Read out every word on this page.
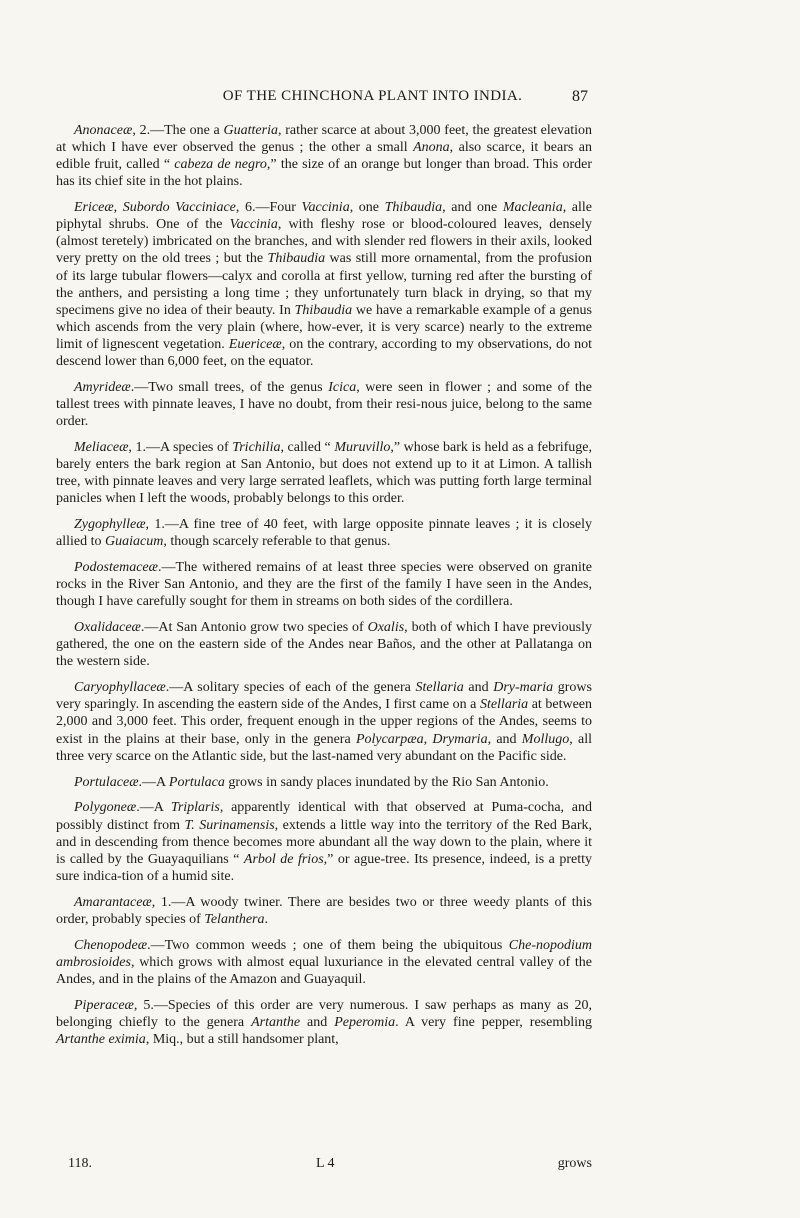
OF THE CHINCHONA PLANT INTO INDIA.	87

Anonaceæ, 2.—The one a Guatteria, rather scarce at about 3,000 feet, the greatest elevation at which I have ever observed the genus ; the other a small Anona, also scarce, it bears an edible fruit, called “ cabeza de negro,” the size of an orange but longer than broad. This order has its chief site in the hot plains.

Ericeæ, Subordo Vacciniace, 6.—Four Vaccinia, one Thibaudia, and one Macleania, alle piphytal shrubs. One of the Vaccinia, with fleshy rose or blood-coloured leaves, densely (almost teretely) imbricated on the branches, and with slender red flowers in their axils, looked very pretty on the old trees ; but the Thibaudia was still more ornamental, from the profusion of its large tubular flowers—calyx and corolla at first yellow, turning red after the bursting of the anthers, and persisting a long time ; they unfortunately turn black in drying, so that my specimens give no idea of their beauty. In Thibaudia we have a remarkable example of a genus which ascends from the very plain (where, how-ever, it is very scarce) nearly to the extreme limit of lignescent vegetation. Euericeæ, on the contrary, according to my observations, do not descend lower than 6,000 feet, on the equator.

Amyrideæ.—Two small trees, of the genus Icica, were seen in flower ; and some of the tallest trees with pinnate leaves, I have no doubt, from their resi-nous juice, belong to the same order.

Meliaceæ, 1.—A species of Trichilia, called “ Muruvillo,” whose bark is held as a febrifuge, barely enters the bark region at San Antonio, but does not extend up to it at Limon. A tallish tree, with pinnate leaves and very large serrated leaflets, which was putting forth large terminal panicles when I left the woods, probably belongs to this order.

Zygophylleæ, 1.—A fine tree of 40 feet, with large opposite pinnate leaves ; it is closely allied to Guaiacum, though scarcely referable to that genus.

Podostemaceæ.—The withered remains of at least three species were observed on granite rocks in the River San Antonio, and they are the first of the family I have seen in the Andes, though I have carefully sought for them in streams on both sides of the cordillera.

Oxalidaceæ.—At San Antonio grow two species of Oxalis, both of which I have previously gathered, the one on the eastern side of the Andes near Baños, and the other at Pallatanga on the western side.

Caryophyllaceæ.—A solitary species of each of the genera Stellaria and Dry-maria grows very sparingly. In ascending the eastern side of the Andes, I first came on a Stellaria at between 2,000 and 3,000 feet. This order, frequent enough in the upper regions of the Andes, seems to exist in the plains at their base, only in the genera Polycarpæa, Drymaria, and Mollugo, all three very scarce on the Atlantic side, but the last-named very abundant on the Pacific side.

Portulaceæ.—A Portulaca grows in sandy places inundated by the Rio San Antonio.

Polygoneæ.—A Triplaris, apparently identical with that observed at Puma-cocha, and possibly distinct from T. Surinamensis, extends a little way into the territory of the Red Bark, and in descending from thence becomes more abundant all the way down to the plain, where it is called by the Guayaquilians “ Arbol de frios,” or ague-tree. Its presence, indeed, is a pretty sure indica-tion of a humid site.

Amarantaceæ, 1.—A woody twiner. There are besides two or three weedy plants of this order, probably species of Telanthera.

Chenopodeæ.—Two common weeds ; one of them being the ubiquitous Che-nopodium ambrosioides, which grows with almost equal luxuriance in the elevated central valley of the Andes, and in the plains of the Amazon and Guayaquil.

Piperaceæ, 5.—Species of this order are very numerous. I saw perhaps as many as 20, belonging chiefly to the genera Artanthe and Peperomia. A very fine pepper, resembling Artanthe eximia, Miq., but a still handsomer plant,

118.	L 4	grows
